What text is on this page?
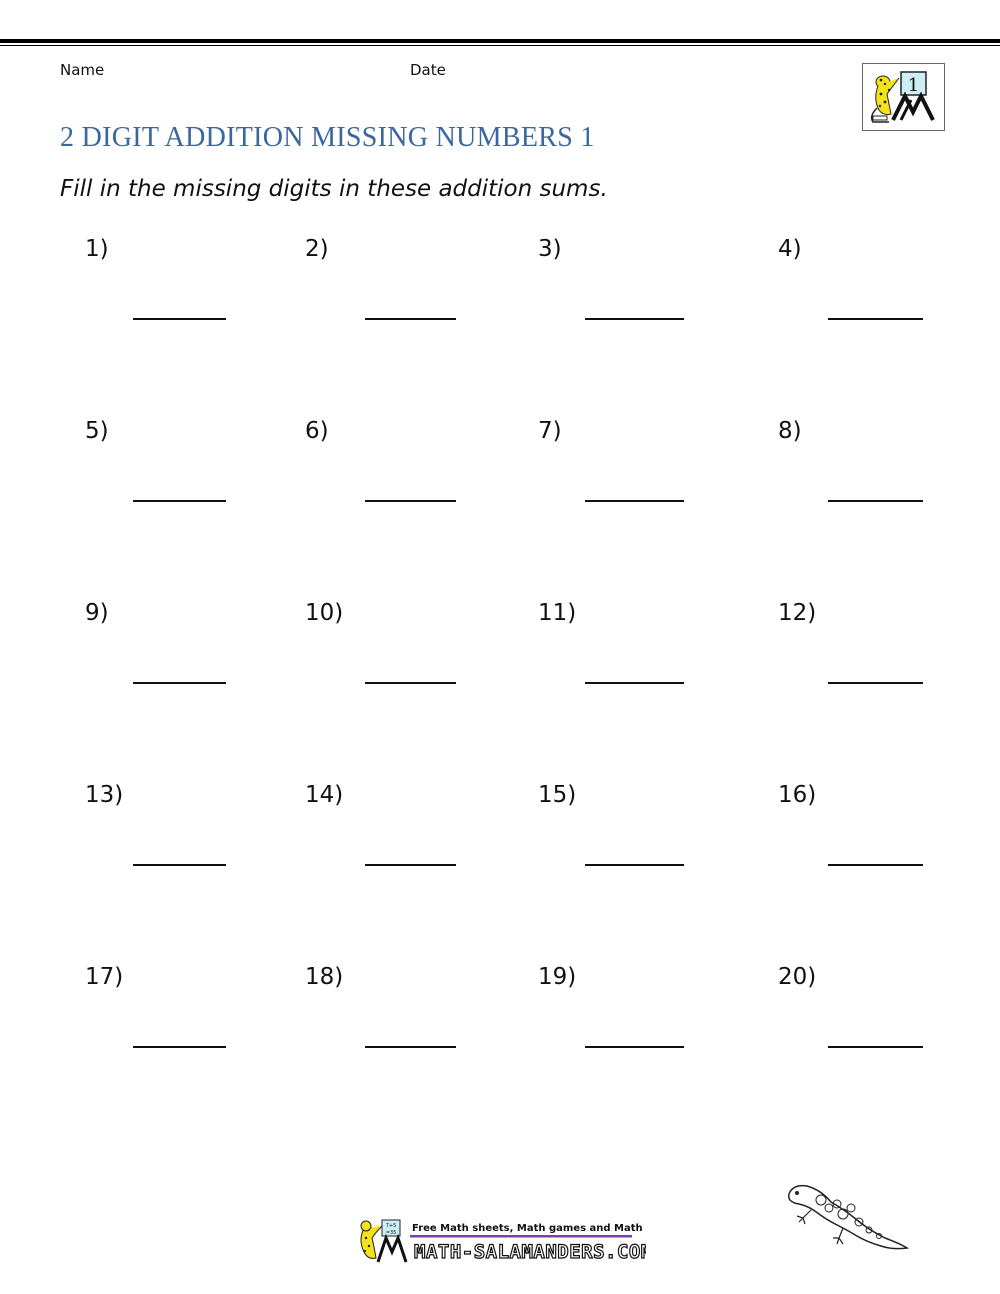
Name	Date
1
2 DIGIT ADDITION MISSING NUMBERS 1
Fill in the missing digits in these addition sums.
1)	2)	3)	4)
5)	6)	7)	8)
9)	10)	11)	12)
13)	14)	15)	16)
17)	18)	19)	20)
7+5
=35 Free Math sheets, Math games and Math help
MATH-SALAMANDERS.COM
